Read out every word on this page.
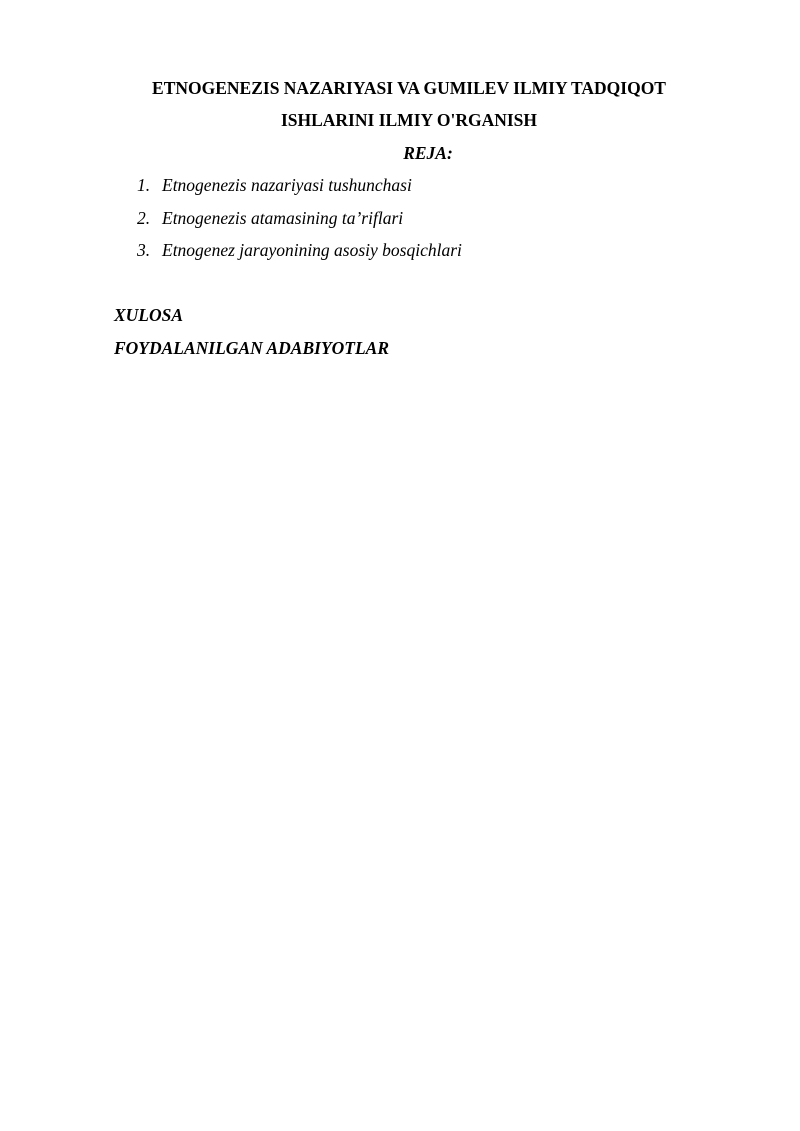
ETNOGENEZIS NAZARIYASI VA GUMILEV ILMIY TADQIQOT
ISHLARINI ILMIY O'RGANISH
REJA:
1. Etnogenezis nazariyasi tushunchasi
2. Etnogenezis atamasining ta’riflari
3. Etnogenez jarayonining asosiy bosqichlari
XULOSA
FOYDALANILGAN ADABIYOTLAR
